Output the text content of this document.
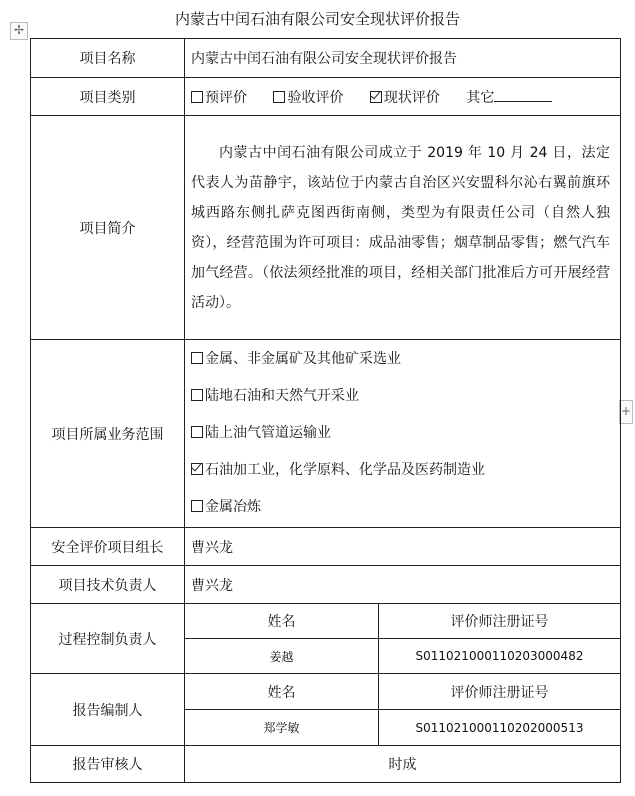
内蒙古中闰石油有限公司安全现状评价报告
✢
+
项目名称	内蒙古中闰石油有限公司安全现状评价报告	
项目类别	预评价 验收评价 现状评价 其它	
项目简介	内蒙古中闰石油有限公司成立于 2019 年 10 月 24 日，法定代表人为苗静宇，该站位于内蒙古自治区兴安盟科尔沁右翼前旗环城西路东侧扎萨克图西街南侧，类型为有限责任公司（自然人独资），经营范围为许可项目：成品油零售；烟草制品零售；燃气汽车加气经营。（依法须经批准的项目，经相关部门批准后方可开展经营活动）。	

项目所属业务范围	金属、非金属矿及其他矿采选业
陆地石油和天然气开采业
陆上油气管道运输业
石油加工业，化学原料、化学品及医药制造业
金属冶炼	

安全评价项目组长	曹兴龙	
项目技术负责人	曹兴龙	
过程控制负责人	姓名	评价师注册证号
	姜越	S011021000110203000482
报告编制人	姓名	评价师注册证号
	郑学敏	S011021000110202000513
报告审核人	时成	
